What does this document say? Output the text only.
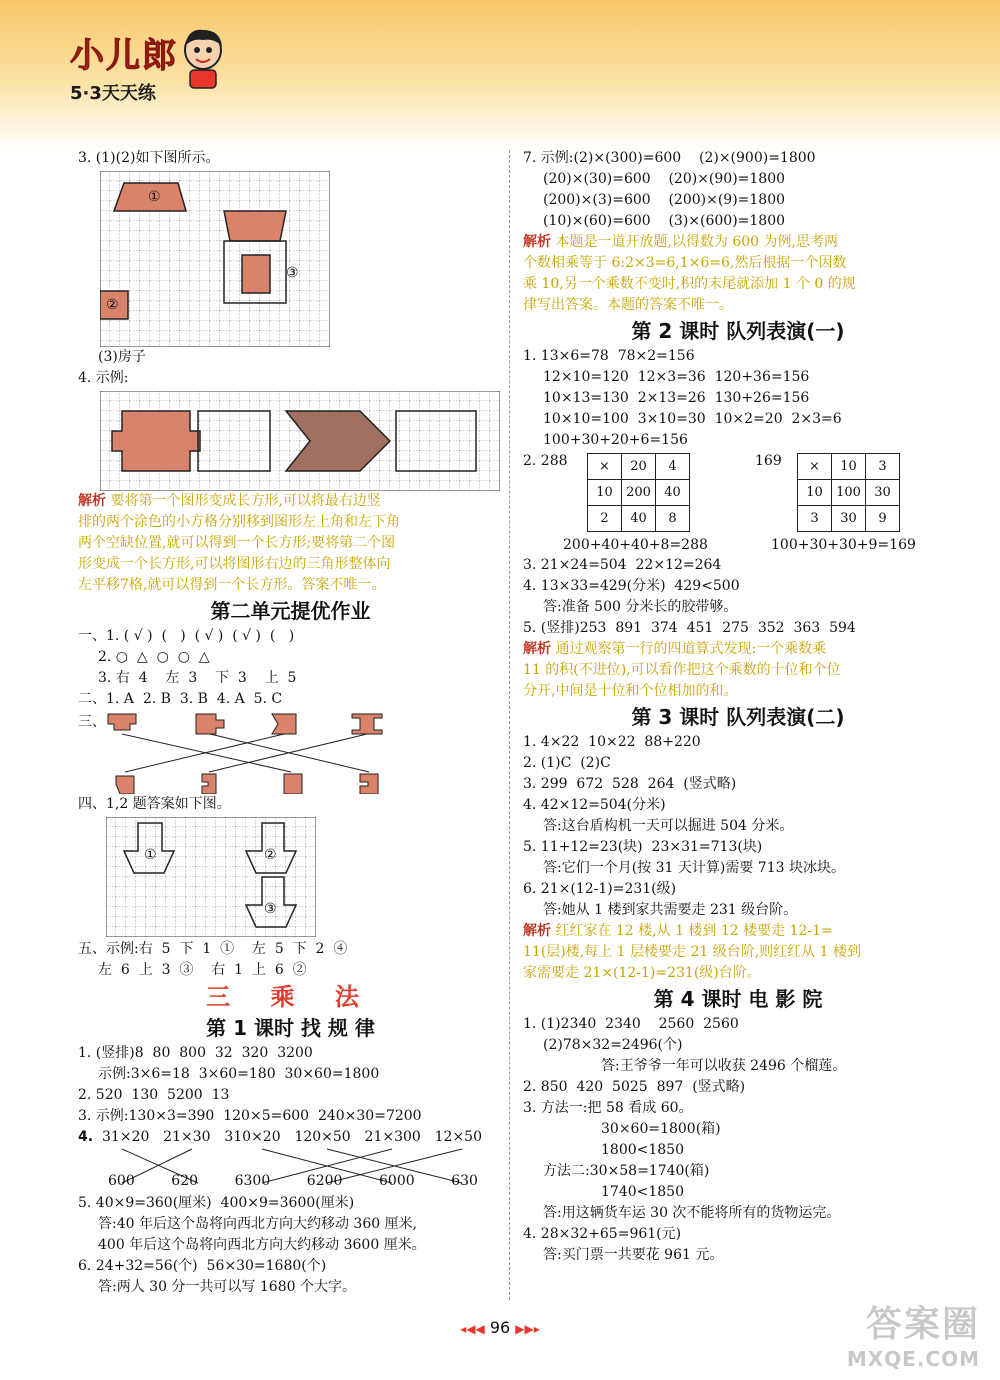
小儿郎
5·3天天练
3. (1)(2)如下图所示。
①
③
②
(3)房子
4. 示例:
解析 要将第一个图形变成长方形,可以将最右边竖
排的两个涂色的小方格分别移到图形左上角和左下角
两个空缺位置,就可以得到一个长方形;要将第二个图
形变成一个长方形,可以将图形右边的三角形整体向
左平移7格,就可以得到一个长方形。答案不唯一。
第二单元提优作业
一、1. ( √ )  (   )  ( √ )  ( √ )  (   )
2. ○  △  ○  ○  △
3. 右  4    左  3    下  3    上  5
二、1. A  2. B  3. B  4. A  5. C
三、
四、1,2 题答案如下图。
①	②
③
五、示例:右  5  下  1  ①    左  5  下  2  ④
左  6  上  3  ③    右  1  上  6  ②
三 乘 法
第 1 课时 找 规 律
1. (竖排)8  80  800  32  320  3200
示例:3×6=18  3×60=180  30×60=1800
2. 520  130  5200  13
3. 示例:130×3=390  120×5=600  240×30=7200
4. 31×20 21×30 310×20 120×50 21×300 12×50
600	620	6300	6200	6000	630
5. 40×9=360(厘米)  400×9=3600(厘米)
答:40 年后这个岛将向西北方向大约移动 360 厘米,
400 年后这个岛将向西北方向大约移动 3600 厘米。
6. 24+32=56(个)  56×30=1680(个)
答:两人 30 分一共可以写 1680 个大字。
7. 示例:(2)×(300)=600    (2)×(900)=1800
(20)×(30)=600    (20)×(90)=1800
(200)×(3)=600    (200)×(9)=1800
(10)×(60)=600    (3)×(600)=1800
解析 本题是一道开放题,以得数为 600 为例,思考两
个数相乘等于 6:2×3=6,1×6=6,然后根据一个因数
乘 10,另一个乘数不变时,积的末尾就添加 1 个 0 的规
律写出答案。本题的答案不唯一。
第 2 课时 队列表演(一)
1. 13×6=78  78×2=156
12×10=120  12×3=36  120+36=156
10×13=130  2×13=26  130+26=156
10×10=100  3×10=30  10×2=20  2×3=6
100+30+20+6=156
2. 288 ×	20	4
10	200	40
2	40	8
169 ×	10	3
10	100	30
3	30	9
200+40+40+8=288	100+30+30+9=169
3. 21×24=504  22×12=264
4. 13×33=429(分米)  429<500
答:准备 500 分米长的胶带够。
5. (竖排)253  891  374  451  275  352  363  594
解析 通过观察第一行的四道算式发现:一个乘数乘
11 的积(不进位),可以看作把这个乘数的十位和个位
分开,中间是十位和个位相加的和。
第 3 课时 队列表演(二)
1. 4×22  10×22  88+220
2. (1)C  (2)C
3. 299  672  528  264  (竖式略)
4. 42×12=504(分米)
答:这台盾构机一天可以掘进 504 分米。
5. 11+12=23(块)  23×31=713(块)
答:它们一个月(按 31 天计算)需要 713 块冰块。
6. 21×(12-1)=231(级)
答:她从 1 楼到家共需要走 231 级台阶。
解析 红红家在 12 楼,从 1 楼到 12 楼要走 12-1=
11(层)楼,每上 1 层楼要走 21 级台阶,则红红从 1 楼到
家需要走 21×(12-1)=231(级)台阶。
第 4 课时 电 影 院
1. (1)2340  2340    2560  2560
(2)78×32=2496(个)
答:王爷爷一年可以收获 2496 个榴莲。
2. 850  420  5025  897  (竖式略)
3. 方法一:把 58 看成 60。
30×60=1800(箱)
1800<1850
方法二:30×58=1740(箱)
1740<1850
答:用这辆货车运 30 次不能将所有的货物运完。
4. 28×32+65=961(元)
答:买门票一共要花 961 元。
◂◀◀ 96 ▶▶▸	答案圈
MXQE.COM
